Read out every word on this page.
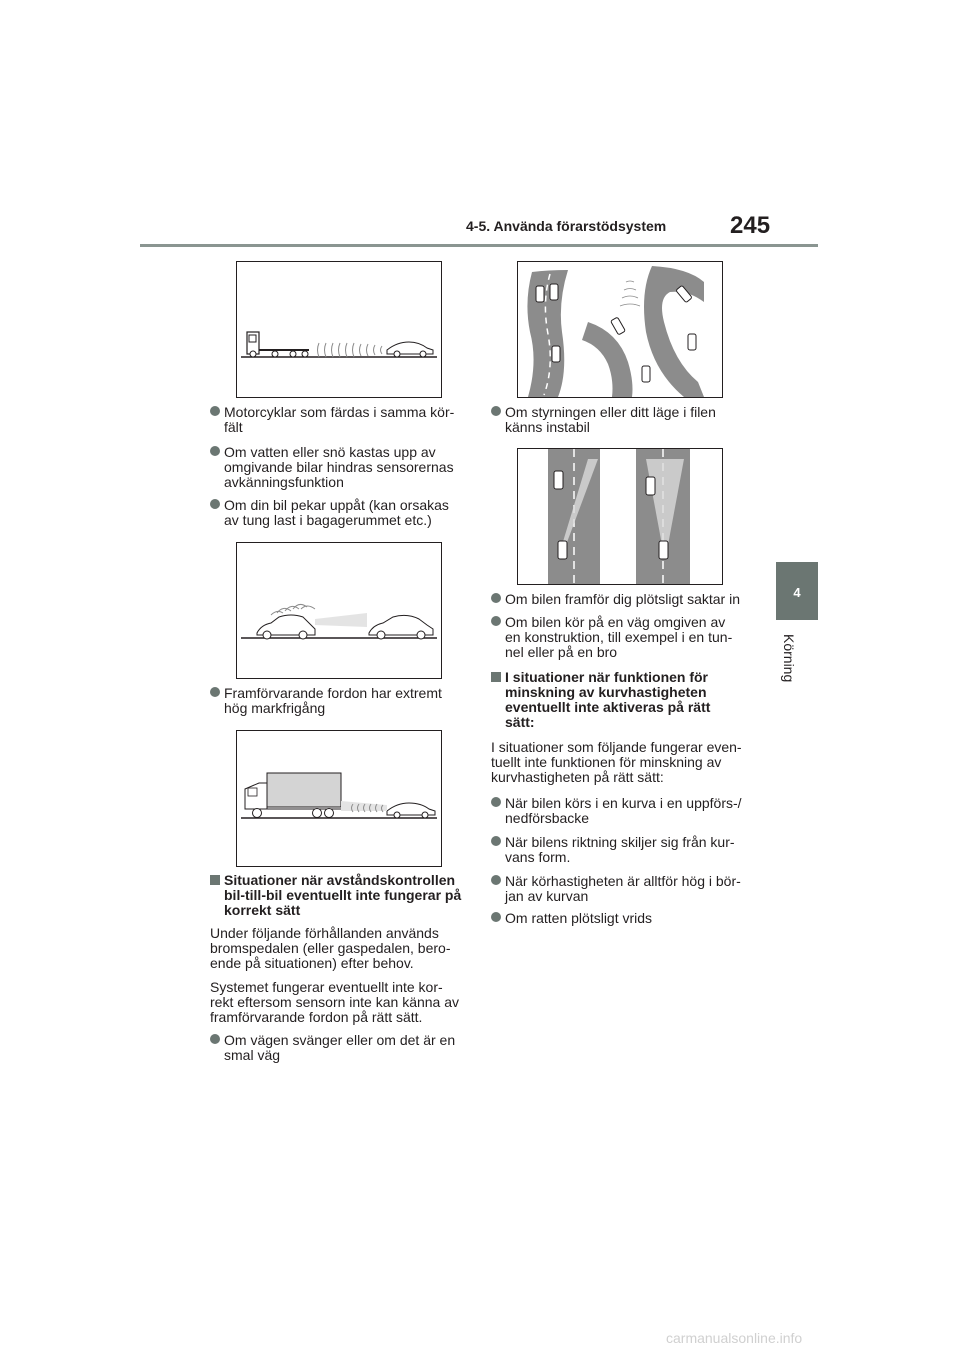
4-5. Använda förarstödsystem	245
4
Körning
Motorcyklar som färdas i samma kör-
fält
Om vatten eller snö kastas upp av
omgivande bilar hindras sensorernas
avkänningsfunktion
Om din bil pekar uppåt (kan orsakas
av tung last i bagagerummet etc.)
Framförvarande fordon har extremt
hög markfrigång
Situationer när avståndskontrollen
bil-till-bil eventuellt inte fungerar på
korrekt sätt
Under följande förhållanden används
bromspedalen (eller gaspedalen, bero-
ende på situationen) efter behov.
Systemet fungerar eventuellt inte kor-
rekt eftersom sensorn inte kan känna av
framförvarande fordon på rätt sätt.
Om vägen svänger eller om det är en
smal väg
Om styrningen eller ditt läge i filen
känns instabil
Om bilen framför dig plötsligt saktar in
Om bilen kör på en väg omgiven av
en konstruktion, till exempel i en tun-
nel eller på en bro
I situationer när funktionen för
minskning av kurvhastigheten
eventuellt inte aktiveras på rätt
sätt:
I situationer som följande fungerar even-
tuellt inte funktionen för minskning av
kurvhastigheten på rätt sätt:
När bilen körs i en kurva i en uppförs-/
nedförsbacke
När bilens riktning skiljer sig från kur-
vans form.
När körhastigheten är alltför hög i bör-
jan av kurvan
Om ratten plötsligt vrids
carmanualsonline.info
